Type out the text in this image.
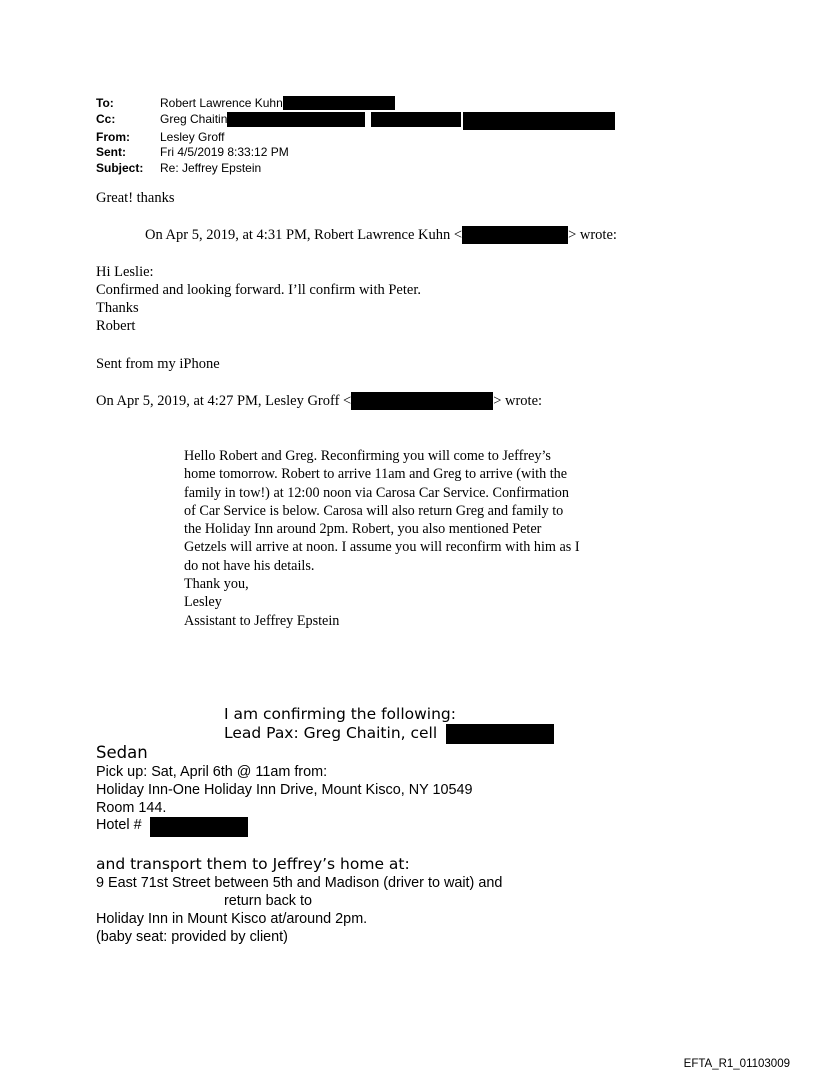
To:	Robert Lawrence Kuhn
Cc:	Greg Chaitin
From:	Lesley Groff
Sent:	Fri 4/5/2019 8:33:12 PM
Subject:	Re: Jeffrey Epstein
Great! thanks
On Apr 5, 2019, at 4:31 PM, Robert Lawrence Kuhn <	> wrote:
Hi Leslie:
Confirmed and looking forward. I’ll confirm with Peter.
Thanks
Robert
Sent from my iPhone
On Apr 5, 2019, at 4:27 PM, Lesley Groff <	> wrote:
Hello Robert and Greg. Reconfirming you will come to Jeffrey’s
home tomorrow. Robert to arrive 11am and Greg to arrive (with the
family in tow!) at 12:00 noon via Carosa Car Service. Confirmation
of Car Service is below. Carosa will also return Greg and family to
the Holiday Inn around 2pm. Robert, you also mentioned Peter
Getzels will arrive at noon. I assume you will reconfirm with him as I
do not have his details.
Thank you,
Lesley
Assistant to Jeffrey Epstein
I am confirming the following:
Lead Pax: Greg Chaitin, cell
Sedan
Pick up: Sat, April 6th @ 11am from:
Holiday Inn-One Holiday Inn Drive, Mount Kisco, NY 10549
Room 144.
Hotel #
and transport them to Jeffrey’s home at:
9 East 71st Street between 5th and Madison (driver to wait) and
return back to
Holiday Inn in Mount Kisco at/around 2pm.
(baby seat: provided by client)
EFTA_R1_01103009
